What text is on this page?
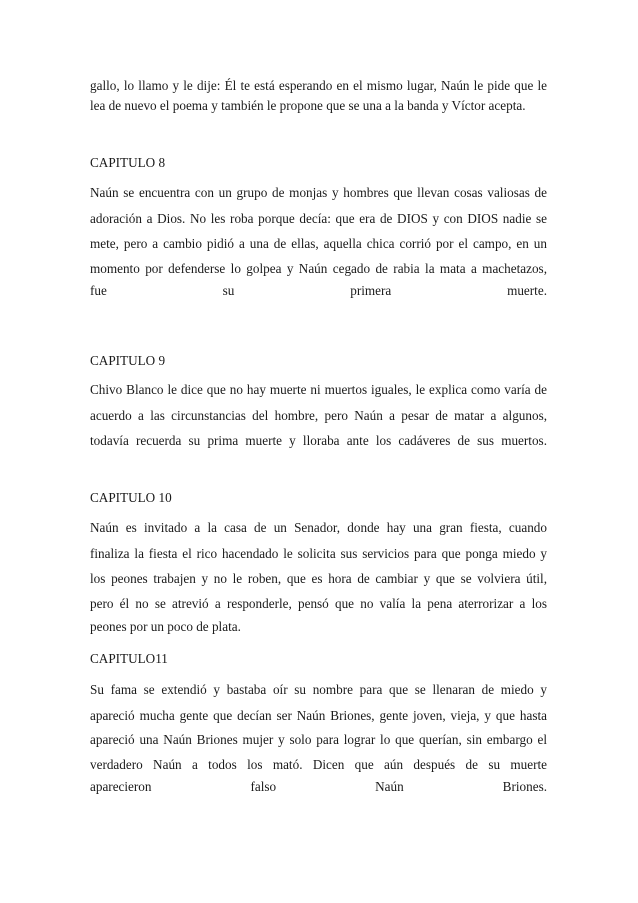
gallo, lo llamo y le dije: Él te está esperando en el mismo lugar, Naún le pide que le
lea de nuevo el poema y también le propone que se una a la banda y Víctor acepta.
CAPITULO 8
Naún se encuentra con un grupo de monjas y hombres que llevan cosas valiosas de
adoración a Dios. No les roba porque decía: que era de DIOS y con DIOS nadie se
mete, pero a cambio pidió a una de ellas, aquella chica corrió por el campo, en un
momento por defenderse lo golpea y Naún cegado de rabia la mata a machetazos,
fue su primera muerte.
CAPITULO 9
Chivo Blanco le dice que no hay muerte ni muertos iguales, le explica como varía de
acuerdo a las circunstancias del hombre, pero Naún a pesar de matar a algunos,
todavía recuerda su prima muerte y lloraba ante los cadáveres de sus muertos.
CAPITULO 10
Naún es invitado a la casa de un Senador, donde hay una gran fiesta, cuando
finaliza la fiesta el rico hacendado le solicita sus servicios para que ponga miedo y
los peones trabajen y no le roben, que es hora de cambiar y que se volviera útil,
pero él no se atrevió a responderle, pensó que no valía la pena aterrorizar a los
peones por un poco de plata.
CAPITULO11
Su fama se extendió y bastaba oír su nombre para que se llenaran de miedo y
apareció mucha gente que decían ser Naún Briones, gente joven, vieja, y que hasta
apareció una Naún Briones mujer y solo para lograr lo que querían, sin embargo el
verdadero Naún a todos los mató. Dicen que aún después de su muerte
aparecieron falso Naún Briones.
